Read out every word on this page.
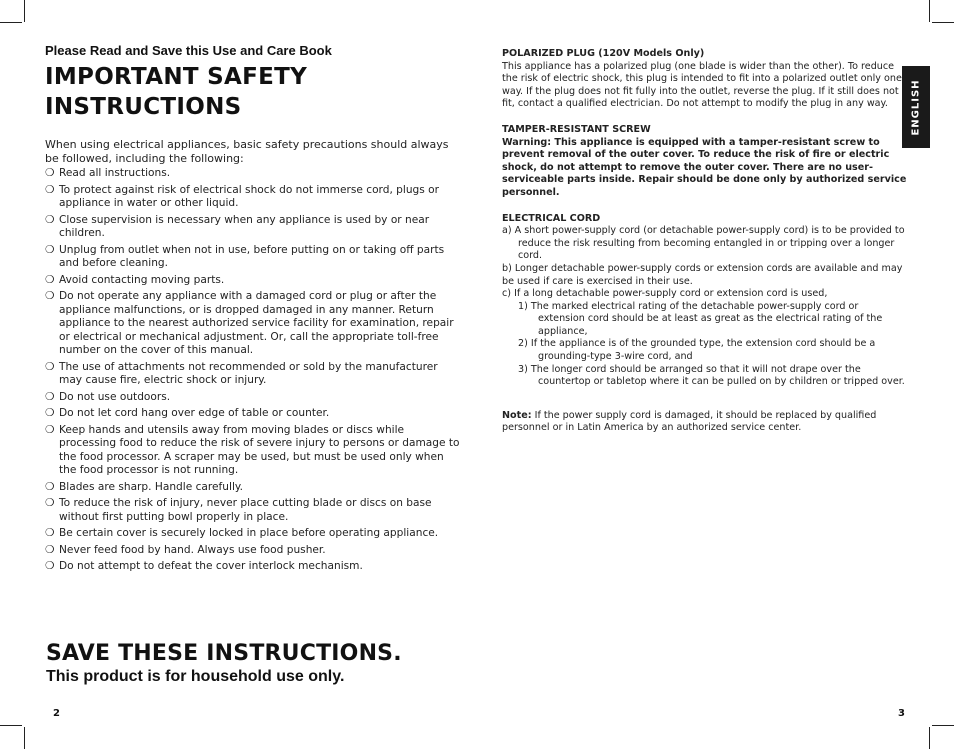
Please Read and Save this Use and Care Book

IMPORTANT SAFETY
INSTRUCTIONS

When using electrical appliances, basic safety precautions should always be followed, including the following:

❍ Read all instructions.
❍ To protect against risk of electrical shock do not immerse cord, plugs or appliance in water or other liquid.
❍ Close supervision is necessary when any appliance is used by or near children.
❍ Unplug from outlet when not in use, before putting on or taking off parts and before cleaning.
❍ Avoid contacting moving parts.
❍ Do not operate any appliance with a damaged cord or plug or after the appliance malfunctions, or is dropped damaged in any manner. Return appliance to the nearest authorized service facility for examination, repair or electrical or mechanical adjustment. Or, call the appropriate toll-free number on the cover of this manual.
❍ The use of attachments not recommended or sold by the manufacturer may cause fire, electric shock or injury.
❍ Do not use outdoors.
❍ Do not let cord hang over edge of table or counter.
❍ Keep hands and utensils away from moving blades or discs while processing food to reduce the risk of severe injury to persons or damage to the food processor. A scraper may be used, but must be used only when the food processor is not running.
❍ Blades are sharp. Handle carefully.
❍ To reduce the risk of injury, never place cutting blade or discs on base without first putting bowl properly in place.
❍ Be certain cover is securely locked in place before operating appliance.
❍ Never feed food by hand. Always use food pusher.
❍ Do not attempt to defeat the cover interlock mechanism.

SAVE THESE INSTRUCTIONS.

This product is for household use only.

2

POLARIZED PLUG (120V Models Only)

This appliance has a polarized plug (one blade is wider than the other). To reduce the risk of electric shock, this plug is intended to fit into a polarized outlet only one way. If the plug does not fit fully into the outlet, reverse the plug. If it still does not fit, contact a qualified electrician. Do not attempt to modify the plug in any way.

TAMPER-RESISTANT SCREW

Warning: This appliance is equipped with a tamper-resistant screw to prevent removal of the outer cover. To reduce the risk of fire or electric shock, do not attempt to remove the outer cover. There are no user-serviceable parts inside. Repair should be done only by authorized service personnel.

ELECTRICAL CORD

a) A short power-supply cord (or detachable power-supply cord) is to be provided to reduce the risk resulting from becoming entangled in or tripping over a longer cord.

b) Longer detachable power-supply cords or extension cords are available and may be used if care is exercised in their use.

c) If a long detachable power-supply cord or extension cord is used,

1) The marked electrical rating of the detachable power-supply cord or extension cord should be at least as great as the electrical rating of the appliance,

2) If the appliance is of the grounded type, the extension cord should be a grounding-type 3-wire cord, and

3) The longer cord should be arranged so that it will not drape over the countertop or tabletop where it can be pulled on by children or tripped over.

Note: If the power supply cord is damaged, it should be replaced by qualified personnel or in Latin America by an authorized service center.

ENGLISH
3
